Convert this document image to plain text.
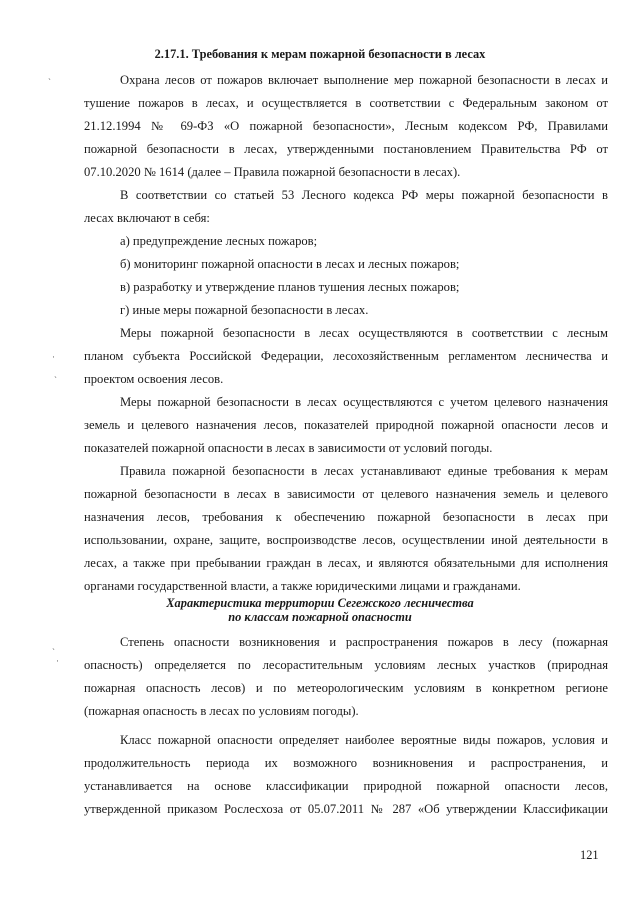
2.17.1. Требования к мерам пожарной безопасности в лесах
Охрана лесов от пожаров включает выполнение мер пожарной безопасности в лесах и
тушение пожаров в лесах, и осуществляется в соответствии с Федеральным законом от
21.12.1994 № 69-ФЗ «О пожарной безопасности», Лесным кодексом РФ, Правилами
пожарной безопасности в лесах, утвержденными постановлением Правительства РФ от
07.10.2020 № 1614 (далее – Правила пожарной безопасности в лесах).
В соответствии со статьей 53 Лесного кодекса РФ меры пожарной безопасности в
лесах включают в себя:
а) предупреждение лесных пожаров;
б) мониторинг пожарной опасности в лесах и лесных пожаров;
в) разработку и утверждение планов тушения лесных пожаров;
г) иные меры пожарной безопасности в лесах.
Меры пожарной безопасности в лесах осуществляются в соответствии с лесным
планом субъекта Российской Федерации, лесохозяйственным регламентом лесничества и
проектом освоения лесов.
Меры пожарной безопасности в лесах осуществляются с учетом целевого назначения
земель и целевого назначения лесов, показателей природной пожарной опасности лесов и
показателей пожарной опасности в лесах в зависимости от условий погоды.
Правила пожарной безопасности в лесах устанавливают единые требования к мерам
пожарной безопасности в лесах в зависимости от целевого назначения земель и целевого
назначения лесов, требования к обеспечению пожарной безопасности в лесах при
использовании, охране, защите, воспроизводстве лесов, осуществлении иной деятельности в
лесах, а также при пребывании граждан в лесах, и являются обязательными для исполнения
органами государственной власти, а также юридическими лицами и гражданами.
Характеристика территории Сегежского лесничества
по классам пожарной опасности
Степень опасности возникновения и распространения пожаров в лесу (пожарная
опасность) определяется по лесорастительным условиям лесных участков (природная
пожарная опасность лесов) и по метеорологическим условиям в конкретном регионе
(пожарная опасность в лесах по условиям погоды).
Класс пожарной опасности определяет наиболее вероятные виды пожаров, условия и
продолжительность периода их возможного возникновения и распространения, и
устанавливается на основе классификации природной пожарной опасности лесов,
утвержденной приказом Рослесхоза от 05.07.2011 № 287 «Об утверждении Классификации
121
ˏ
·
ˏ
ˏ
·
